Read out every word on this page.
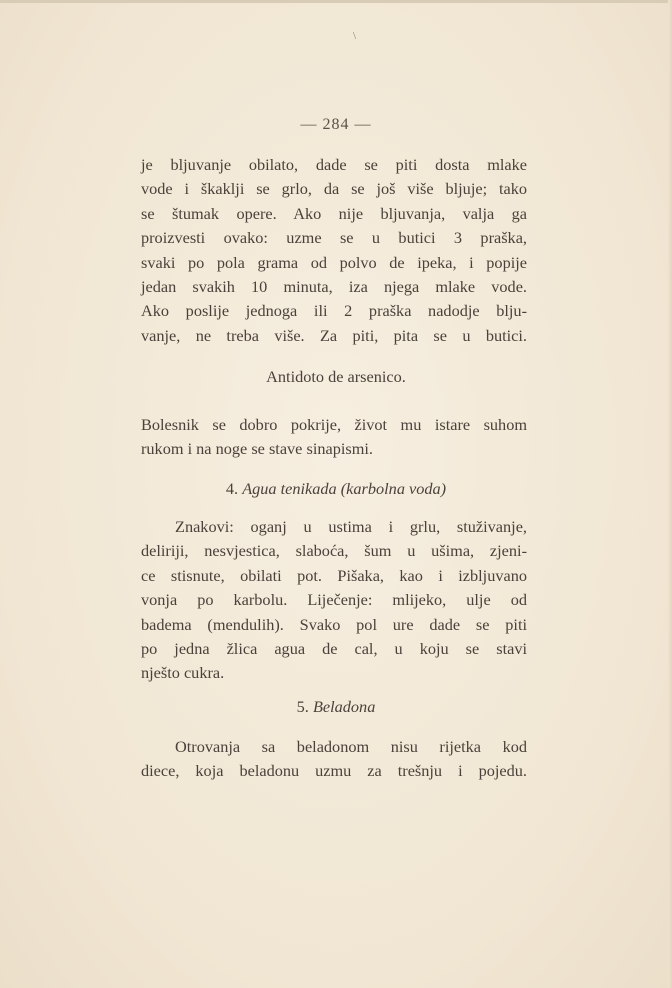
\
— 284 —
je bljuvanje obilato, dade se piti dosta mlake
vode i škaklji se grlo, da se još više bljuje; tako
se štumak opere. Ako nije bljuvanja, valja ga
proizvesti ovako: uzme se u butici 3 praška,
svaki po pola grama od polvo de ipeka, i popije
jedan svakih 10 minuta, iza njega mlake vode.
Ako poslije jednoga ili 2 praška nadodje blju-
vanje, ne treba više. Za piti, pita se u butici.
Antidoto de arsenico.
Bolesnik se dobro pokrije, život mu istare suhom
rukom i na noge se stave sinapismi.
4. Agua tenikada (karbolna voda)
Znakovi: oganj u ustima i grlu, stuživanje,
deliriji, nesvjestica, slaboća, šum u ušima, zjeni-
ce stisnute, obilati pot. Pišaka, kao i izbljuvano
vonja po karbolu. Liječenje: mlijeko, ulje od
badema (mendulih). Svako pol ure dade se piti
po jedna žlica agua de cal, u koju se stavi
nješto cukra.
5. Beladona
Otrovanja sa beladonom nisu rijetka kod
diece, koja beladonu uzmu za trešnju i pojedu.
